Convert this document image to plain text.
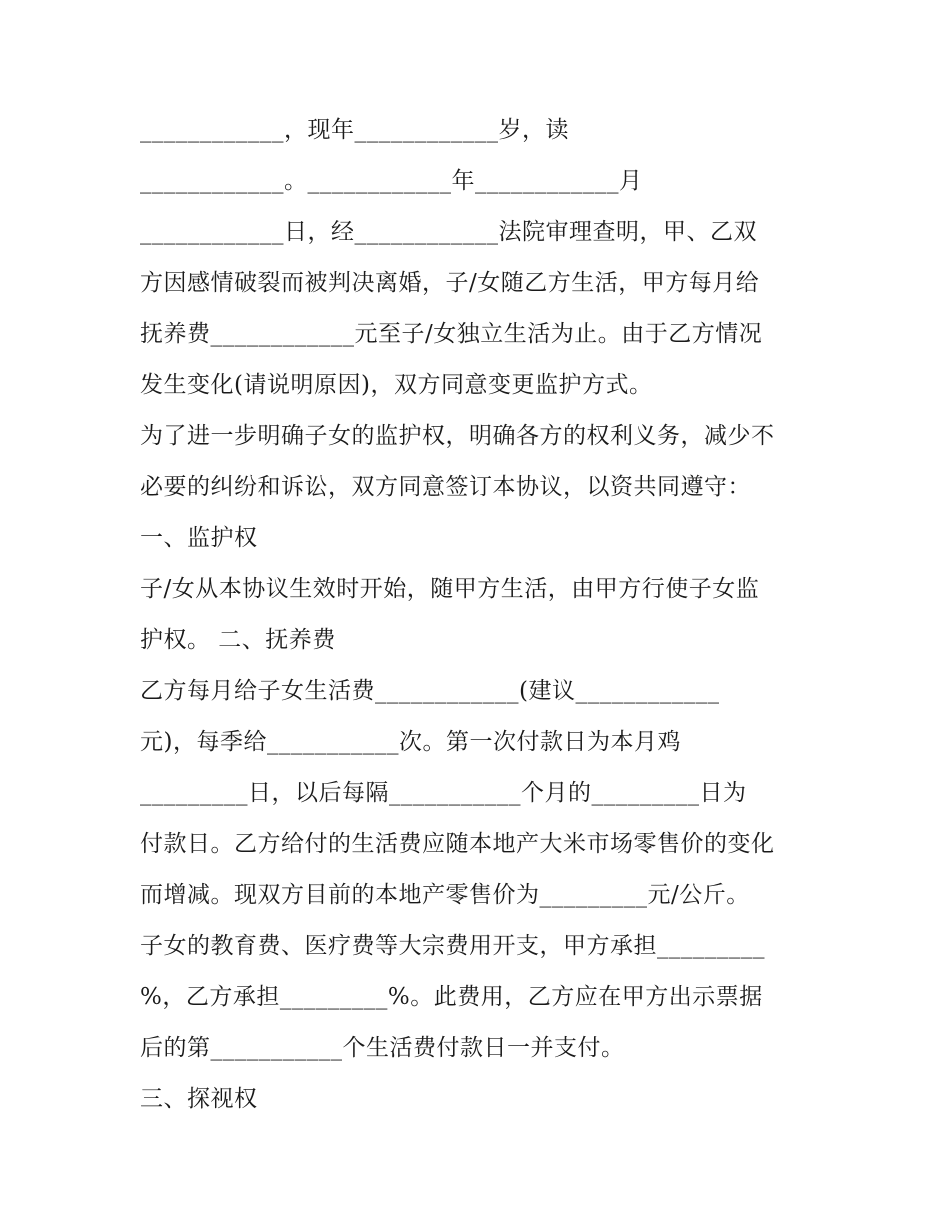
____________，现年____________岁，读
____________。____________年____________月
____________日，经____________法院审理查明，甲、乙双
方因感情破裂而被判决离婚，子/女随乙方生活，甲方每月给
抚养费____________元至子/女独立生活为止。由于乙方情况
发生变化(请说明原因)，双方同意变更监护方式。
为了进一步明确子女的监护权，明确各方的权利义务，减少不
必要的纠纷和诉讼，双方同意签订本协议，以资共同遵守：
一、监护权
子/女从本协议生效时开始，随甲方生活，由甲方行使子女监
护权。 二、抚养费
乙方每月给子女生活费____________(建议____________
元)，每季给___________次。第一次付款日为本月鸡
_________日，以后每隔___________个月的_________日为
付款日。乙方给付的生活费应随本地产大米市场零售价的变化
而增减。现双方目前的本地产零售价为_________元/公斤。
子女的教育费、医疗费等大宗费用开支，甲方承担_________
%，乙方承担_________%。此费用，乙方应在甲方出示票据
后的第___________个生活费付款日一并支付。
三、探视权
